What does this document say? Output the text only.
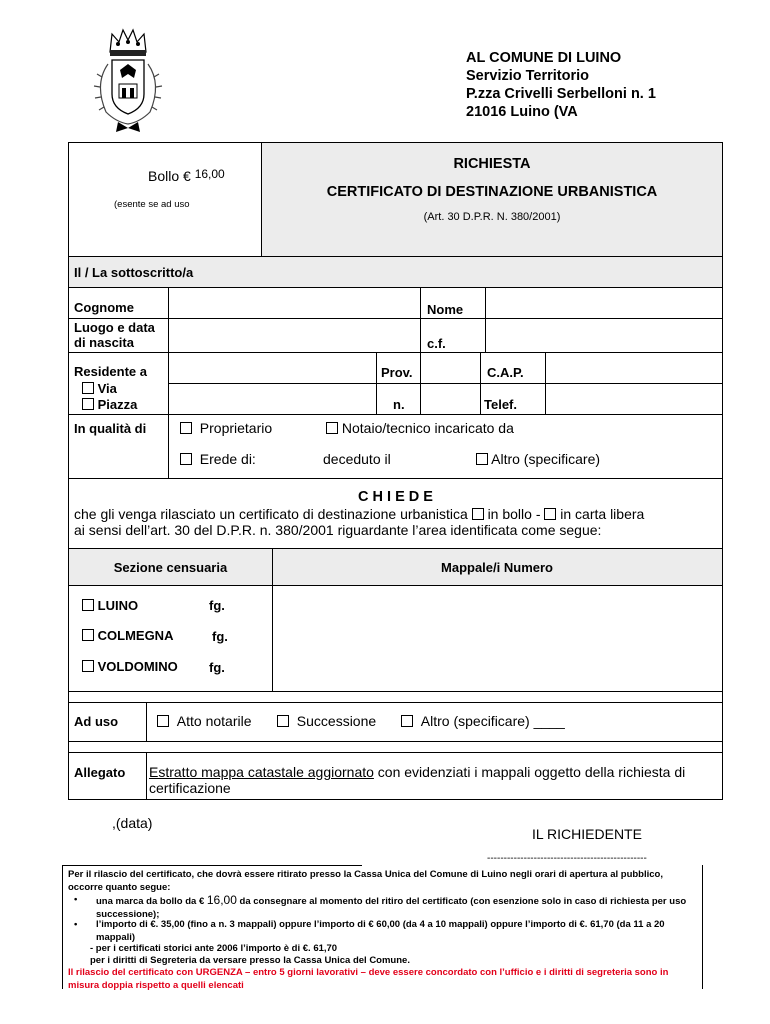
AL COMUNE DI LUINO
Servizio Territorio
P.zza Crivelli Serbelloni n. 1
21016 Luino (VA
Bollo € 16,00
(esente se ad uso
RICHIESTA
CERTIFICATO DI DESTINAZIONE URBANISTICA
(Art. 30 D.P.R. N. 380/2001)
Il / La sottoscritto/a
Cognome	Nome
Luogo e data
di nascita	c.f.
Residente a
Via
Piazza
Prov.	C.A.P.
n.	Telef.
In qualità di	Proprietario	Notaio/tecnico incaricato da
Erede di:	deceduto il	Altro (specificare)
C H I E D E
che gli venga rilasciato un certificato di destinazione urbanistica in bollo - in carta libera
ai sensi dell’art. 30 del D.P.R. n. 380/2001 riguardante l’area identificata come segue:
Sezione censuaria	Mappale/i Numero
LUINO	fg.
COLMEGNA	fg.
VOLDOMINO fg.
Ad uso	Atto notarile	Successione	Altro (specificare) ____
Allegato Estratto mappa catastale aggiornato con evidenziati i mappali oggetto della richiesta di
certificazione
,(data)
IL RICHIEDENTE
------------------------------------------------
Per il rilascio del certificato, che dovrà essere ritirato presso la Cassa Unica del Comune di Luino negli orari di apertura al pubblico, occorre quanto segue:
• una marca da bollo da € 16,00 da consegnare al momento del ritiro del certificato (con esenzione solo in caso di richiesta per uso successione);
• l’importo di €. 35,00 (fino a n. 3 mappali) oppure l’importo di € 60,00 (da 4 a 10 mappali) oppure l’importo di €. 61,70 (da 11 a 20 mappali)
- per i certificati storici ante 2006 l’importo è di €. 61,70
per i diritti di Segreteria da versare presso la Cassa Unica del Comune.
Il rilascio del certificato con URGENZA – entro 5 giorni lavorativi – deve essere concordato con l’ufficio e i diritti di segreteria sono in misura doppia rispetto a quelli elencati
